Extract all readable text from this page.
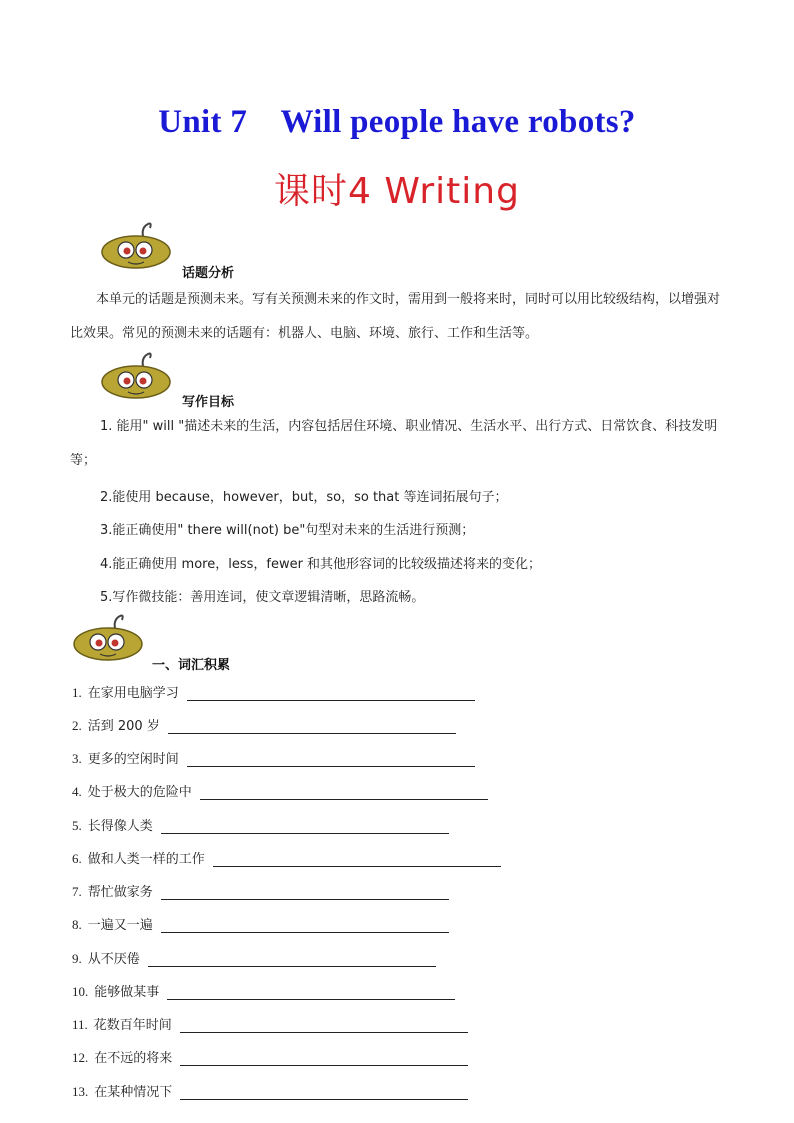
Unit 7　Will people have robots?
课时4 Writing
话题分析
本单元的话题是预测未来。写有关预测未来的作文时，需用到一般将来时，同时可以用比较级结构，以增强对比效果。常见的预测未来的话题有：机器人、电脑、环境、旅行、工作和生活等。
写作目标
1. 能用" will "描述未来的生活，内容包括居住环境、职业情况、生活水平、出行方式、日常饮食、科技发明等；
2.能使用 because，however，but，so，so that 等连词拓展句子；
3.能正确使用" there will(not) be"句型对未来的生活进行预测；
4.能正确使用 more，less，fewer 和其他形容词的比较级描述将来的变化；
5.写作微技能：善用连词，使文章逻辑清晰，思路流畅。
一、词汇积累
1. 在家用电脑学习
2. 活到 200 岁
3. 更多的空闲时间
4. 处于极大的危险中
5. 长得像人类
6. 做和人类一样的工作
7. 帮忙做家务
8. 一遍又一遍
9. 从不厌倦
10. 能够做某事
11. 花数百年时间
12. 在不远的将来
13. 在某种情况下
